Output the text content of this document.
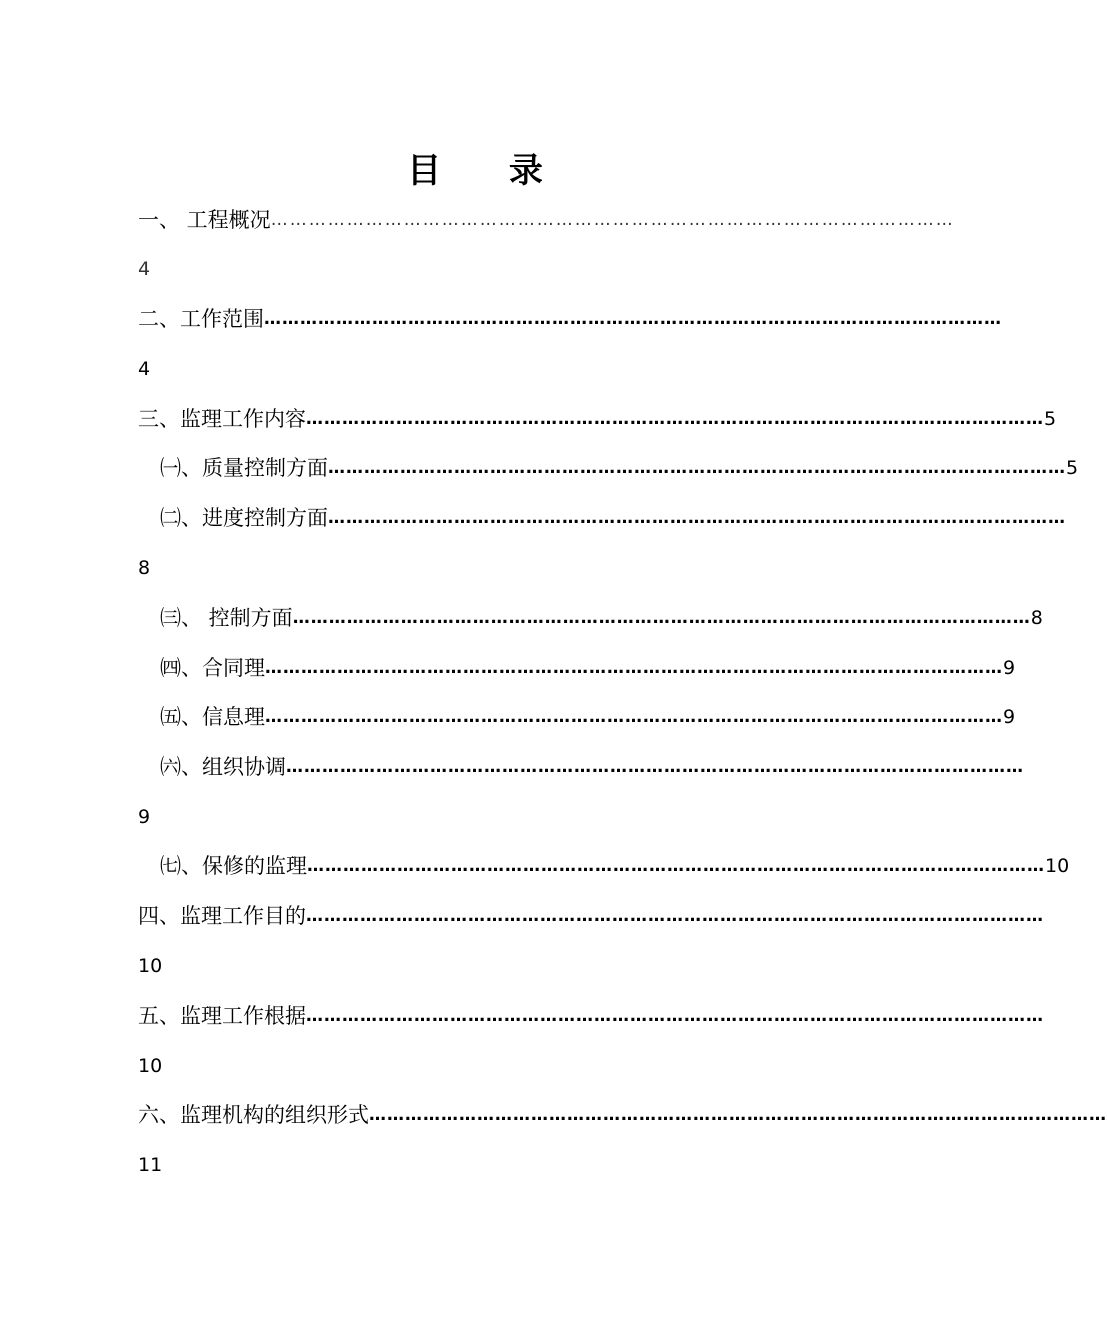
目 录
一、 工程概况 ………………………………………………………………………………………………
4
二、工作范围 ……………………………………………………………………………………………………………
4
三、监理工作内容 …………………………………………………………………………………………………………… 5
㈠、质量控制方面 …………………………………………………………………………………………………………… 5
㈡、进度控制方面 ……………………………………………………………………………………………………………
8
㈢、 控制方面 …………………………………………………………………………………………………………… 8
㈣、合同理 …………………………………………………………………………………………………………… 9
㈤、信息理 …………………………………………………………………………………………………………… 9
㈥、组织协调 ……………………………………………………………………………………………………………
9
㈦、保修的监理 …………………………………………………………………………………………………………… 10
四、监理工作目的 ……………………………………………………………………………………………………………
10
五、监理工作根据 ……………………………………………………………………………………………………………
10
六、监理机构的组织形式 ……………………………………………………………………………………………………………
11
